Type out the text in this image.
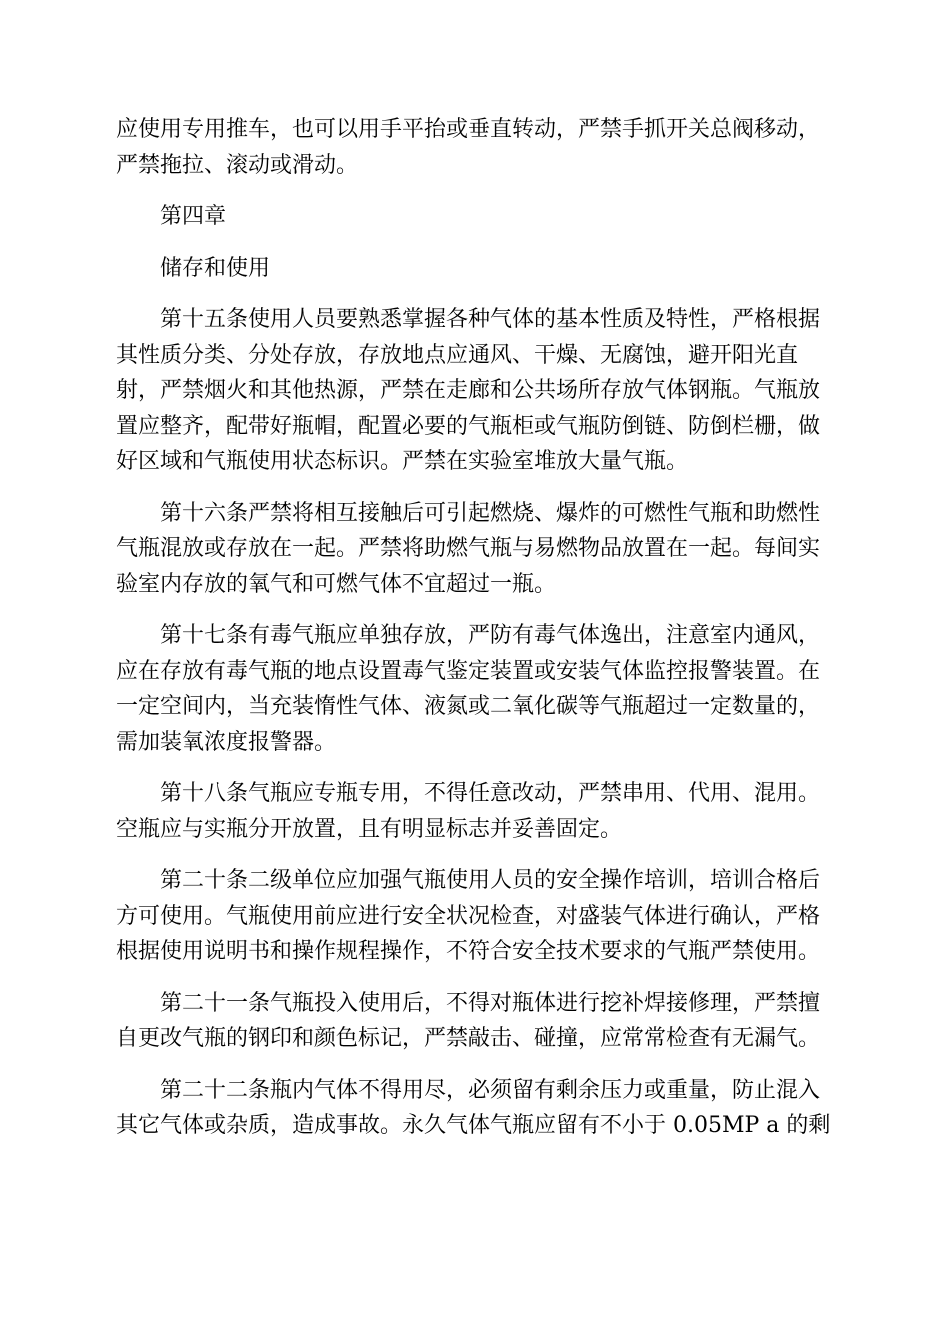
应使用专用推车，也可以用手平抬或垂直转动，严禁手抓开关总阀移动，
严禁拖拉、滚动或滑动。

第四章

储存和使用

第十五条使用人员要熟悉掌握各种气体的基本性质及特性，严格根据
其性质分类、分处存放，存放地点应通风、干燥、无腐蚀，避开阳光直
射，严禁烟火和其他热源，严禁在走廊和公共场所存放气体钢瓶。气瓶放
置应整齐，配带好瓶帽，配置必要的气瓶柜或气瓶防倒链、防倒栏栅，做
好区域和气瓶使用状态标识。严禁在实验室堆放大量气瓶。

第十六条严禁将相互接触后可引起燃烧、爆炸的可燃性气瓶和助燃性
气瓶混放或存放在一起。严禁将助燃气瓶与易燃物品放置在一起。每间实
验室内存放的氧气和可燃气体不宜超过一瓶。

第十七条有毒气瓶应单独存放，严防有毒气体逸出，注意室内通风，
应在存放有毒气瓶的地点设置毒气鉴定装置或安装气体监控报警装置。在
一定空间内，当充装惰性气体、液氮或二氧化碳等气瓶超过一定数量的，
需加装氧浓度报警器。

第十八条气瓶应专瓶专用，不得任意改动，严禁串用、代用、混用。
空瓶应与实瓶分开放置，且有明显标志并妥善固定。

第二十条二级单位应加强气瓶使用人员的安全操作培训，培训合格后
方可使用。气瓶使用前应进行安全状况检查，对盛装气体进行确认，严格
根据使用说明书和操作规程操作，不符合安全技术要求的气瓶严禁使用。

第二十一条气瓶投入使用后，不得对瓶体进行挖补焊接修理，严禁擅
自更改气瓶的钢印和颜色标记，严禁敲击、碰撞，应常常检查有无漏气。

第二十二条瓶内气体不得用尽，必须留有剩余压力或重量，防止混入
其它气体或杂质，造成事故。永久气体气瓶应留有不小于 0.05MP a 的剩
